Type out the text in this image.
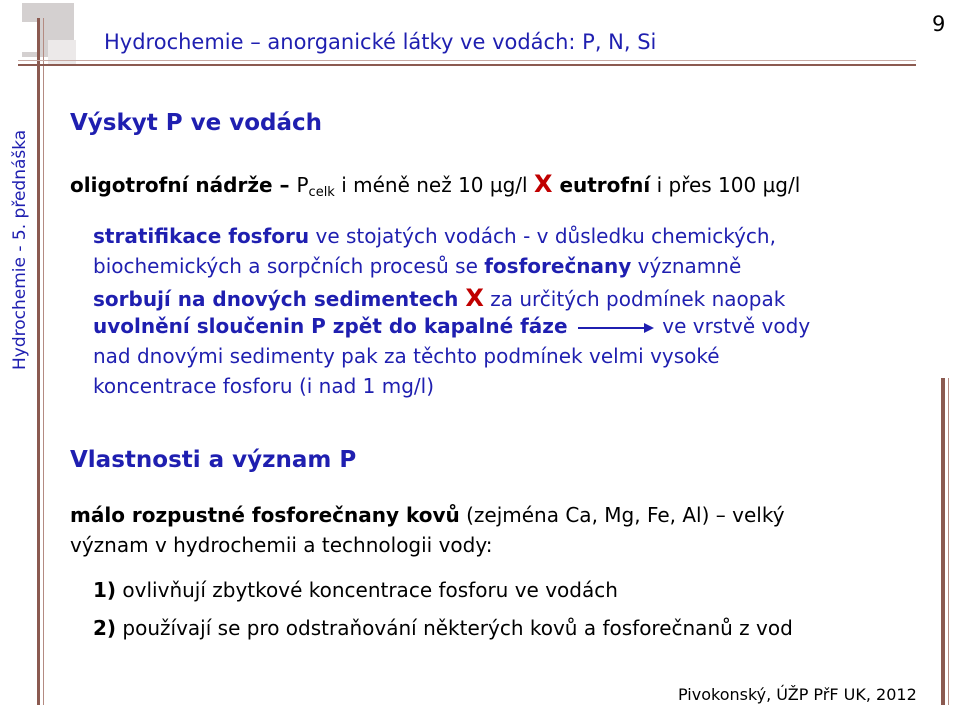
Hydrochemie – anorganické látky ve vodách: P, N, Si
9
Hydrochemie - 5. přednáška
Výskyt P ve vodách
oligotrofní nádrže – $P_{celk}$ i méně než 10 µg/l X eutrofní i přes 100 µg/l
stratifikace fosforu ve stojatých vodách - v důsledku chemických,
biochemických a sorpčních procesů se fosforečnany významně
sorbují na dnových sedimentech X za určitých podmínek naopak
uvolnění sloučenin P zpět do kapalné fáze	ve vrstvě vody
nad dnovými sedimenty pak za těchto podmínek velmi vysoké
koncentrace fosforu (i nad 1 mg/l)
Vlastnosti a význam P
málo rozpustné fosforečnany kovů (zejména Ca, Mg, Fe, Al) – velký
význam v hydrochemii a technologii vody:
1) ovlivňují zbytkové koncentrace fosforu ve vodách
2) používají se pro odstraňování některých kovů a fosforečnanů z vod
Pivokonský, ÚŽP PřF UK, 2012
